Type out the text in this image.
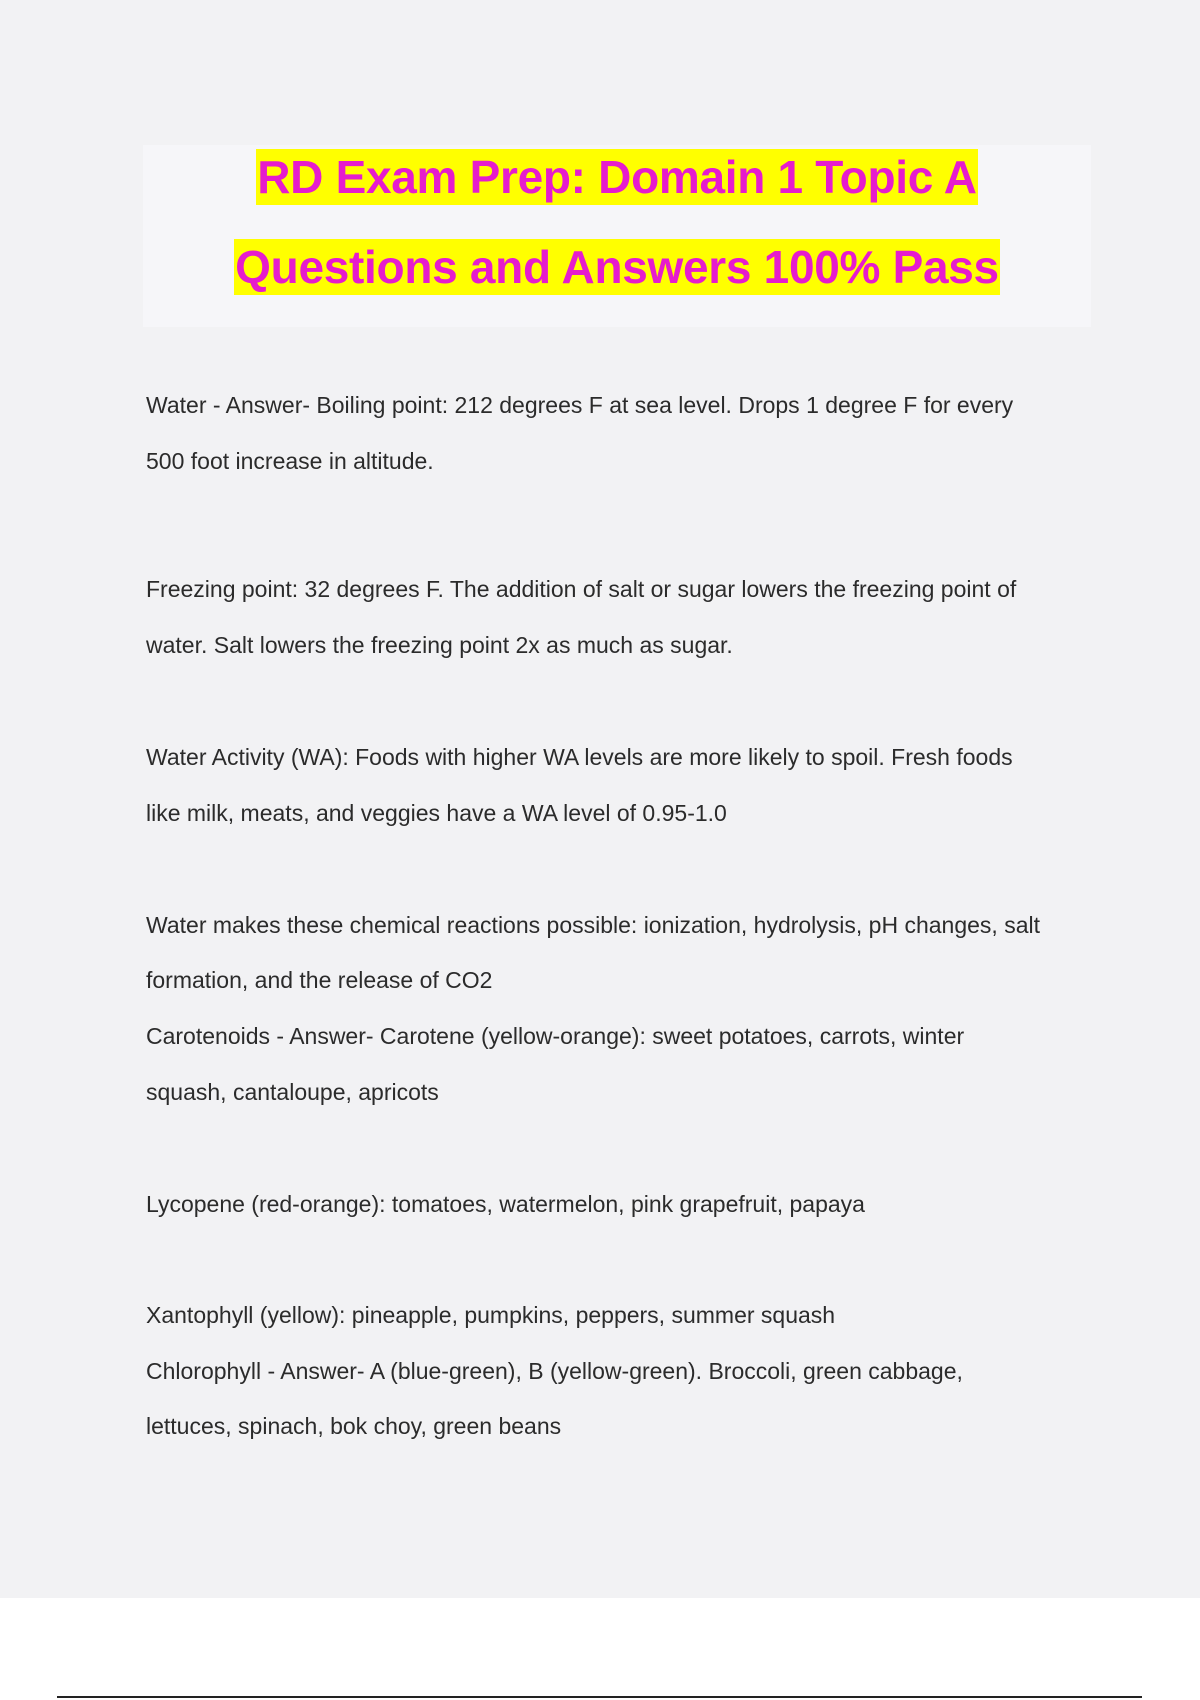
RD Exam Prep: Domain 1 Topic A
Questions and Answers 100% Pass
Water - Answer- Boiling point: 212 degrees F at sea level. Drops 1 degree F for every
500 foot increase in altitude.
Freezing point: 32 degrees F. The addition of salt or sugar lowers the freezing point of
water. Salt lowers the freezing point 2x as much as sugar.
Water Activity (WA): Foods with higher WA levels are more likely to spoil. Fresh foods
like milk, meats, and veggies have a WA level of 0.95-1.0
Water makes these chemical reactions possible: ionization, hydrolysis, pH changes, salt
formation, and the release of CO2
Carotenoids - Answer- Carotene (yellow-orange): sweet potatoes, carrots, winter
squash, cantaloupe, apricots
Lycopene (red-orange): tomatoes, watermelon, pink grapefruit, papaya
Xantophyll (yellow): pineapple, pumpkins, peppers, summer squash
Chlorophyll - Answer- A (blue-green), B (yellow-green). Broccoli, green cabbage,
lettuces, spinach, bok choy, green beans
